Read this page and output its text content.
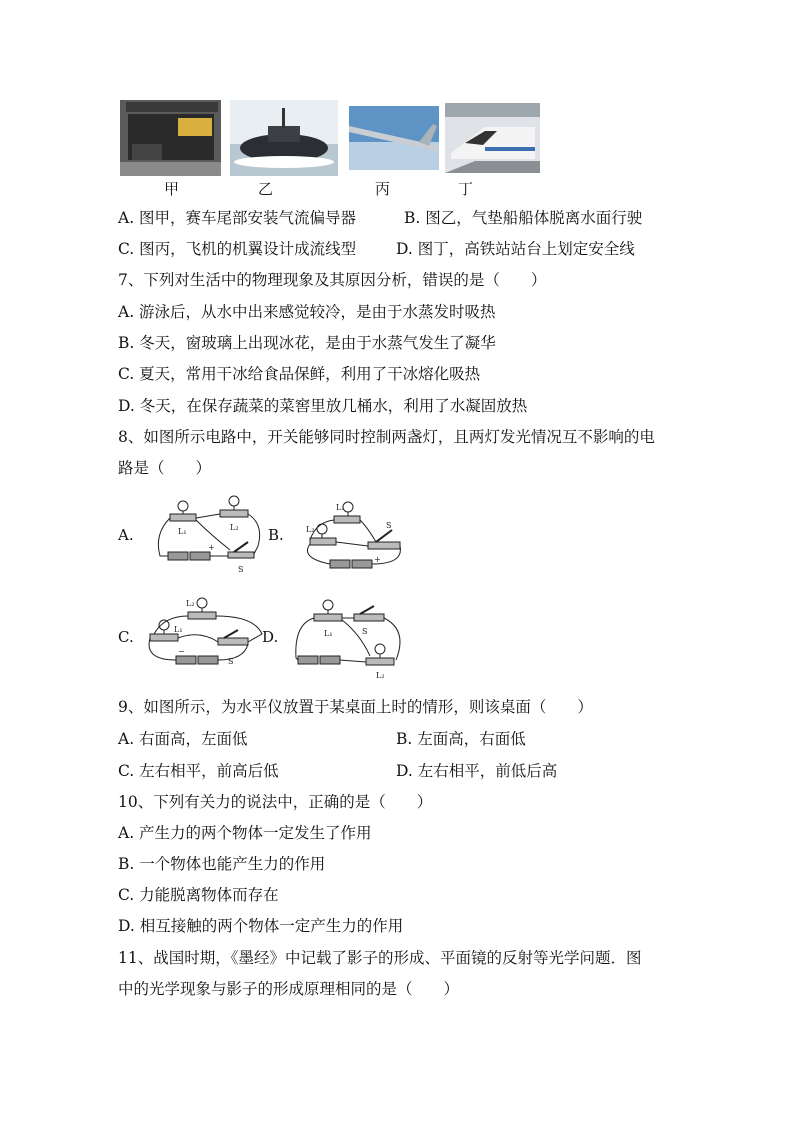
甲	乙	丙	丁
A. 图甲，赛车尾部安装气流偏导器	B. 图乙，气垫船船体脱离水面行驶
C. 图丙，飞机的机翼设计成流线型	D. 图丁，高铁站站台上划定安全线
7、下列对生活中的物理现象及其原因分析，错误的是（　　）
A. 游泳后，从水中出来感觉较冷，是由于水蒸发时吸热
B. 冬天，窗玻璃上出现冰花，是由于水蒸气发生了凝华
C. 夏天，常用干冰给食品保鲜，利用了干冰熔化吸热
D. 冬天，在保存蔬菜的菜窖里放几桶水，利用了水凝固放热
8、如图所示电路中，开关能够同时控制两盏灯，且两灯发光情况互不影响的电
路是（　　）
A.	B.
C.	D.
L₁	L₂
+
S
L₁
L₂	S
+
L₂
L₁
S
−
L₁	S
L₂
9、如图所示，为水平仪放置于某桌面上时的情形，则该桌面（　　）
A. 右面高，左面低	B. 左面高，右面低
C. 左右相平，前高后低	D. 左右相平，前低后高
10、下列有关力的说法中，正确的是（　　）
A. 产生力的两个物体一定发生了作用
B. 一个物体也能产生力的作用
C. 力能脱离物体而存在
D. 相互接触的两个物体一定产生力的作用
11、战国时期，《墨经》中记载了影子的形成、平面镜的反射等光学问题．图
中的光学现象与影子的形成原理相同的是（　　）
